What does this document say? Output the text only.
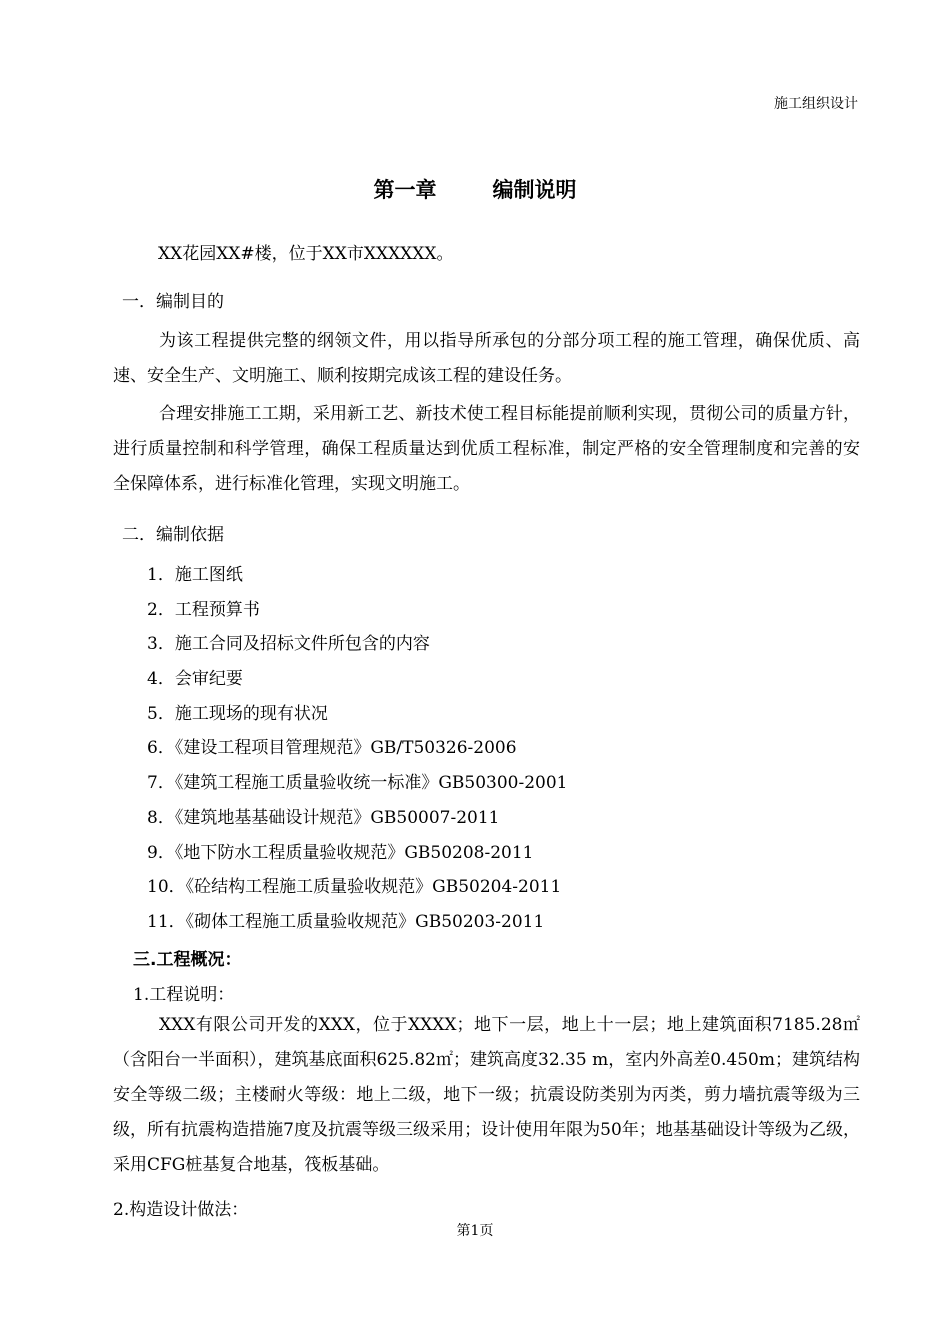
施工组织设计
第一章	编制说明
XX花园XX#楼，位于XX市XXXXXX。
一．编制目的
为该工程提供完整的纲领文件，用以指导所承包的分部分项工程的施工管理，确保优质、高速、安全生产、文明施工、顺利按期完成该工程的建设任务。
合理安排施工工期，采用新工艺、新技术使工程目标能提前顺利实现，贯彻公司的质量方针，进行质量控制和科学管理，确保工程质量达到优质工程标准，制定严格的安全管理制度和完善的安全保障体系，进行标准化管理，实现文明施工。
二．编制依据
1．施工图纸
2．工程预算书
3．施工合同及招标文件所包含的内容
4．会审纪要
5．施工现场的现有状况
6．《建设工程项目管理规范》GB/T50326-2006
7．《建筑工程施工质量验收统一标准》GB50300-2001
8．《建筑地基基础设计规范》GB50007-2011
9．《地下防水工程质量验收规范》GB50208-2011
10．《砼结构工程施工质量验收规范》GB50204-2011
11．《砌体工程施工质量验收规范》GB50203-2011
三.工程概况：
1.工程说明：
XXX有限公司开发的XXX，位于XXXX；地下一层，地上十一层；地上建筑面积7185.28㎡（含阳台一半面积），建筑基底面积625.82㎡；建筑高度32.35 m，室内外高差0.450m；建筑结构安全等级二级；主楼耐火等级：地上二级，地下一级；抗震设防类别为丙类，剪力墙抗震等级为三级，所有抗震构造措施7度及抗震等级三级采用；设计使用年限为50年；地基基础设计等级为乙级，采用CFG桩基复合地基，筏板基础。
2.构造设计做法：
第1页
